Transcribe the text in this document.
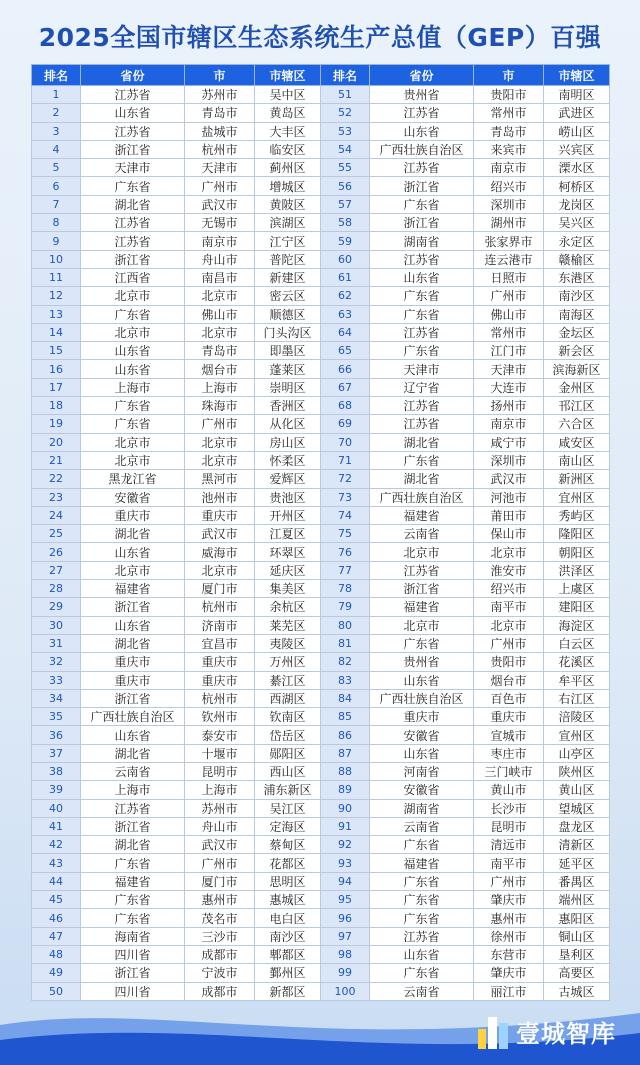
2025全国市辖区生态系统生产总值（GEP）百强
排名	省份	市	市辖区	排名	省份	市	市辖区
1	江苏省	苏州市	吴中区	51	贵州省	贵阳市	南明区
2	山东省	青岛市	黄岛区	52	江苏省	常州市	武进区
3	江苏省	盐城市	大丰区	53	山东省	青岛市	崂山区
4	浙江省	杭州市	临安区	54	广西壮族自治区	来宾市	兴宾区
5	天津市	天津市	蓟州区	55	江苏省	南京市	溧水区
6	广东省	广州市	增城区	56	浙江省	绍兴市	柯桥区
7	湖北省	武汉市	黄陂区	57	广东省	深圳市	龙岗区
8	江苏省	无锡市	滨湖区	58	浙江省	湖州市	吴兴区
9	江苏省	南京市	江宁区	59	湖南省	张家界市	永定区
10	浙江省	舟山市	普陀区	60	江苏省	连云港市	赣榆区
11	江西省	南昌市	新建区	61	山东省	日照市	东港区
12	北京市	北京市	密云区	62	广东省	广州市	南沙区
13	广东省	佛山市	顺德区	63	广东省	佛山市	南海区
14	北京市	北京市	门头沟区	64	江苏省	常州市	金坛区
15	山东省	青岛市	即墨区	65	广东省	江门市	新会区
16	山东省	烟台市	蓬莱区	66	天津市	天津市	滨海新区
17	上海市	上海市	崇明区	67	辽宁省	大连市	金州区
18	广东省	珠海市	香洲区	68	江苏省	扬州市	邗江区
19	广东省	广州市	从化区	69	江苏省	南京市	六合区
20	北京市	北京市	房山区	70	湖北省	咸宁市	咸安区
21	北京市	北京市	怀柔区	71	广东省	深圳市	南山区
22	黑龙江省	黑河市	爱辉区	72	湖北省	武汉市	新洲区
23	安徽省	池州市	贵池区	73	广西壮族自治区	河池市	宜州区
24	重庆市	重庆市	开州区	74	福建省	莆田市	秀屿区
25	湖北省	武汉市	江夏区	75	云南省	保山市	隆阳区
26	山东省	威海市	环翠区	76	北京市	北京市	朝阳区
27	北京市	北京市	延庆区	77	江苏省	淮安市	洪泽区
28	福建省	厦门市	集美区	78	浙江省	绍兴市	上虞区
29	浙江省	杭州市	余杭区	79	福建省	南平市	建阳区
30	山东省	济南市	莱芜区	80	北京市	北京市	海淀区
31	湖北省	宜昌市	夷陵区	81	广东省	广州市	白云区
32	重庆市	重庆市	万州区	82	贵州省	贵阳市	花溪区
33	重庆市	重庆市	綦江区	83	山东省	烟台市	牟平区
34	浙江省	杭州市	西湖区	84	广西壮族自治区	百色市	右江区
35	广西壮族自治区	钦州市	钦南区	85	重庆市	重庆市	涪陵区
36	山东省	泰安市	岱岳区	86	安徽省	宣城市	宣州区
37	湖北省	十堰市	郧阳区	87	山东省	枣庄市	山亭区
38	云南省	昆明市	西山区	88	河南省	三门峡市	陕州区
39	上海市	上海市	浦东新区	89	安徽省	黄山市	黄山区
40	江苏省	苏州市	吴江区	90	湖南省	长沙市	望城区
41	浙江省	舟山市	定海区	91	云南省	昆明市	盘龙区
42	湖北省	武汉市	蔡甸区	92	广东省	清远市	清新区
43	广东省	广州市	花都区	93	福建省	南平市	延平区
44	福建省	厦门市	思明区	94	广东省	广州市	番禺区
45	广东省	惠州市	惠城区	95	广东省	肇庆市	端州区
46	广东省	茂名市	电白区	96	广东省	惠州市	惠阳区
47	海南省	三沙市	南沙区	97	江苏省	徐州市	铜山区
48	四川省	成都市	郫都区	98	山东省	东营市	垦利区
49	浙江省	宁波市	鄞州区	99	广东省	肇庆市	高要区
50	四川省	成都市	新都区	100	云南省	丽江市	古城区
壹城智库
